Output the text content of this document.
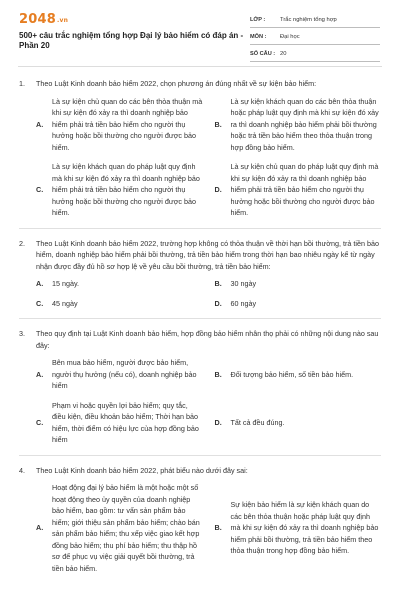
2048.vn
500+ câu trắc nghiệm tổng hợp Đại lý bảo hiểm có đáp án - Phần 20
LỚP :	Trắc nghiệm tổng hợp
MÔN :	Đại học
SỐ CÂU : 20
1.	Theo Luật Kinh doanh bảo hiểm 2022, chọn phương án đúng nhất về sự kiện bảo hiểm:
A.
Là sự kiện chủ quan do các bên thỏa thuận mà khi sự kiện đó xảy ra thì doanh nghiệp bảo hiểm phải trả tiền bảo hiểm cho người thụ hưởng hoặc bồi thường cho người được bảo hiểm.
B.
Là sự kiện khách quan do các bên thỏa thuận hoặc pháp luật quy định mà khi sự kiện đó xảy ra thì doanh nghiệp bảo hiểm phải bồi thường hoặc trả tiền bảo hiểm theo thỏa thuận trong hợp đồng bảo hiểm.
C.
Là sự kiện khách quan do pháp luật quy định mà khi sự kiện đó xảy ra thì doanh nghiệp bảo hiểm phải trả tiền bảo hiểm cho người thụ hưởng hoặc bồi thường cho người được bảo hiểm.
D.
Là sự kiện chủ quan do pháp luật quy định mà khi sự kiện đó xảy ra thì doanh nghiệp bảo hiểm phải trả tiền bảo hiểm cho người thụ hưởng hoặc bồi thường cho người được bảo hiểm.
2.	Theo Luật Kinh doanh bảo hiểm 2022, trường hợp không có thỏa thuận về thời hạn bồi thường, trả tiền bảo hiểm, doanh nghiệp bảo hiểm phải bồi thường, trả tiền bảo hiểm trong thời hạn bao nhiêu ngày kể từ ngày nhận được đầy đủ hồ sơ hợp lệ về yêu cầu bồi thường, trả tiền bảo hiểm:
A.	15 ngày.	B.	30 ngày
C.	45 ngày	D.	60 ngày
3.	Theo quy định tại Luật Kinh doanh bảo hiểm, hợp đồng bảo hiểm nhân thọ phải có những nội dung nào sau đây:
A.
Bên mua bảo hiểm, người được bảo hiểm, người thụ hưởng (nếu có), doanh nghiệp bảo hiểm
B.	Đối tượng bảo hiểm, số tiền bảo hiểm.
C.
Phạm vi hoặc quyền lợi bảo hiểm; quy tắc, điều kiện, điều khoản bảo hiểm; Thời hạn bảo hiểm, thời điểm có hiệu lực của hợp đồng bảo hiểm
D.	Tất cả đều đúng.
4.	Theo Luật Kinh doanh bảo hiểm 2022, phát biểu nào dưới đây sai:
A.
Hoạt động đại lý bảo hiểm là một hoặc một số hoạt động theo ủy quyền của doanh nghiệp bảo hiểm, bao gồm: tư vấn sản phẩm bảo hiểm; giới thiệu sản phẩm bảo hiểm; chào bán sản phẩm bảo hiểm; thu xếp việc giao kết hợp đồng bảo hiểm; thu phí bảo hiểm; thu thập hồ sơ để phục vụ việc giải quyết bồi thường, trả tiền bảo hiểm.
B.
Sự kiện bảo hiểm là sự kiện khách quan do các bên thỏa thuận hoặc pháp luật quy định mà khi sự kiện đó xảy ra thì doanh nghiệp bảo hiểm phải bồi thường, trả tiền bảo hiểm theo thỏa thuận trong hợp đồng bảo hiểm.
